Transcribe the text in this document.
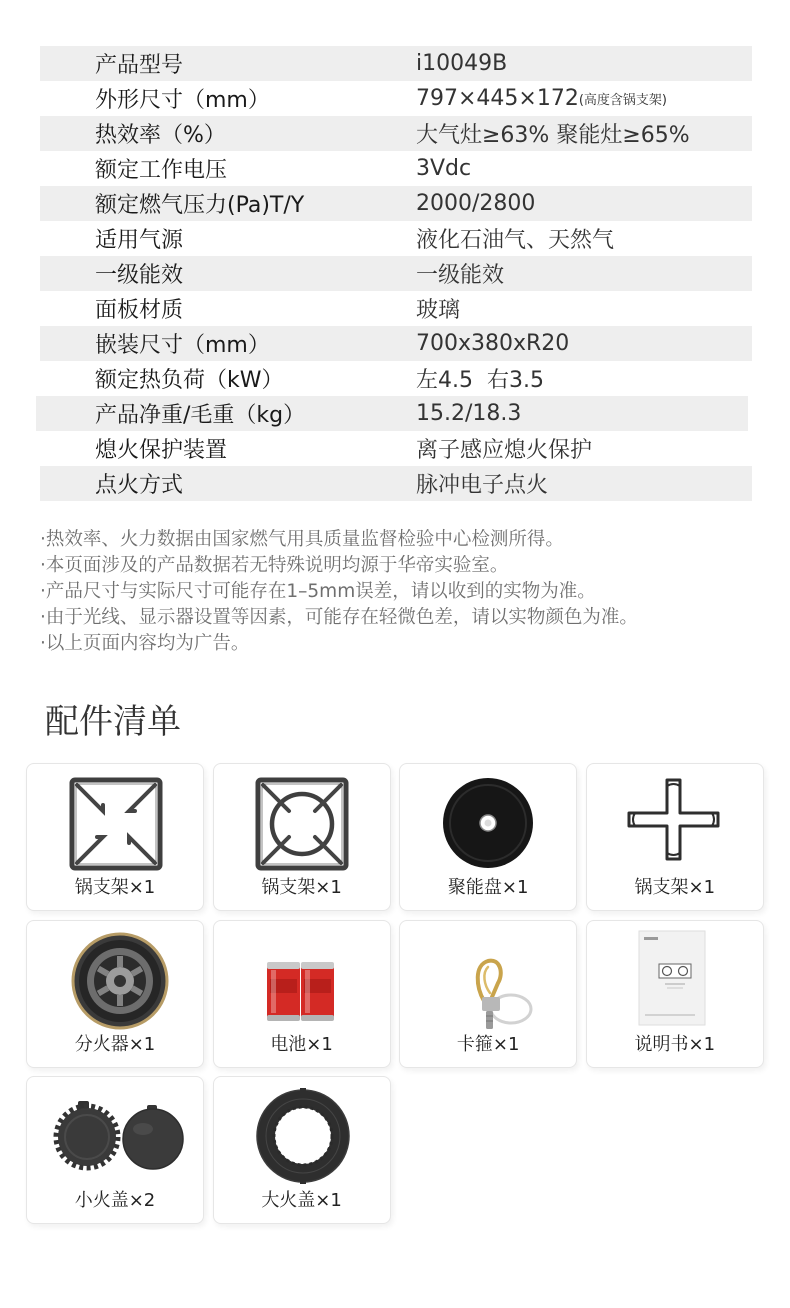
产品型号	i10049B
外形尺寸（mm）	797×445×172 (高度含锅支架)
热效率（%）	大气灶≥63% 聚能灶≥65%
额定工作电压	3Vdc
额定燃气压力(Pa)T/Y	2000/2800
适用气源	液化石油气、天然气
一级能效	一级能效
面板材质	玻璃
嵌装尺寸（mm）	700x380xR20
额定热负荷（kW）	左4.5  右3.5
产品净重/毛重（kg）	15.2/18.3
熄火保护装置	离子感应熄火保护
点火方式	脉冲电子点火
·热效率、火力数据由国家燃气用具质量监督检验中心检测所得。
·本页面涉及的产品数据若无特殊说明均源于华帝实验室。
·产品尺寸与实际尺寸可能存在1–5mm误差，请以收到的实物为准。
·由于光线、显示器设置等因素，可能存在轻微色差，请以实物颜色为准。
·以上页面内容均为广告。
配件清单
锅支架×1	锅支架×1	聚能盘×1	锅支架×1
分火器×1	电池×1	卡箍×1	说明书×1
小火盖×2	大火盖×1
